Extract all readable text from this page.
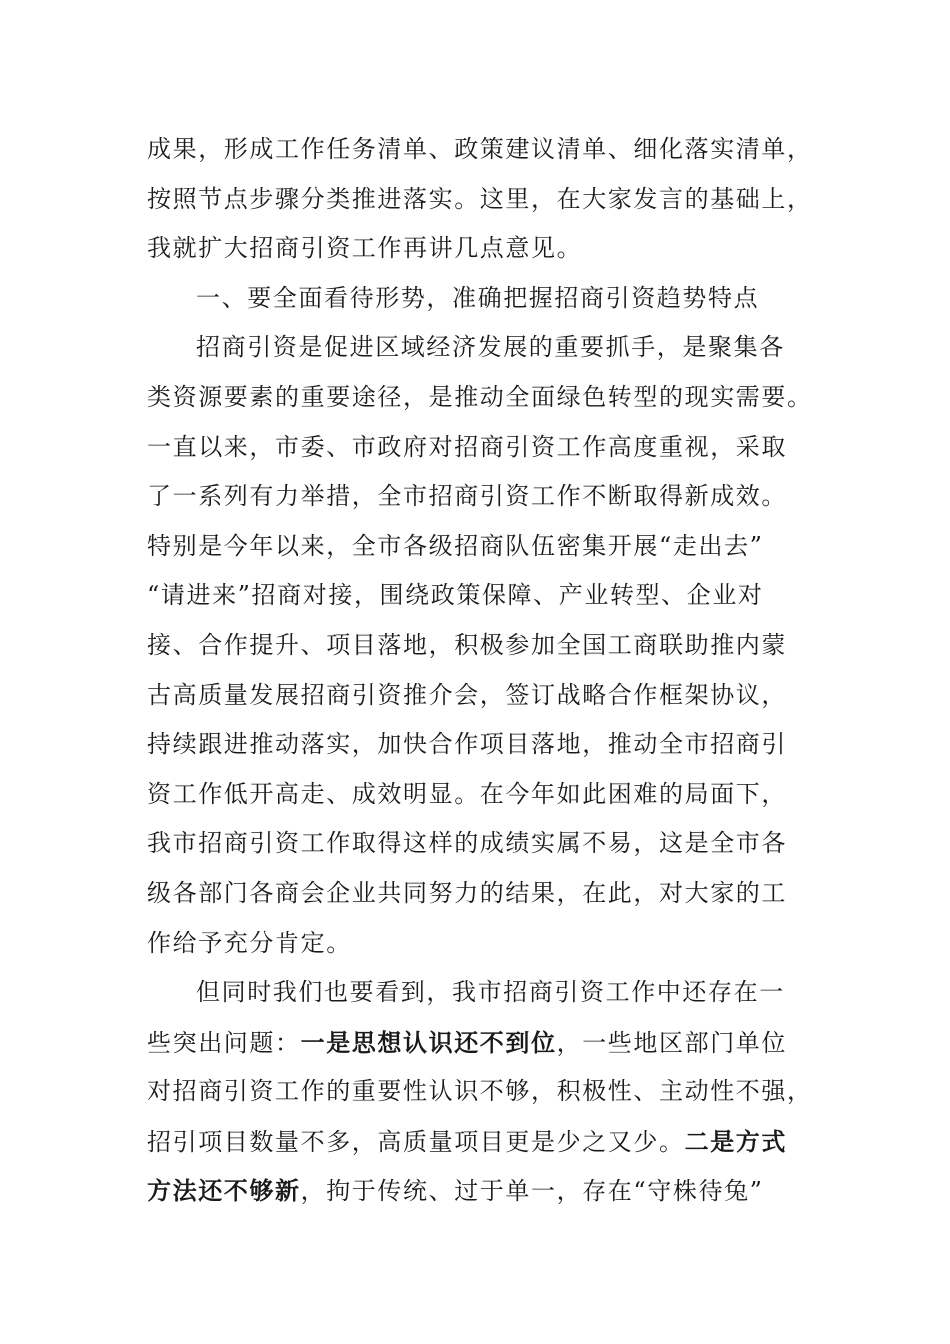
成果，形成工作任务清单、政策建议清单、细化落实清单，
按照节点步骤分类推进落实。这里，在大家发言的基础上，
我就扩大招商引资工作再讲几点意见。
一、要全面看待形势，准确把握招商引资趋势特点
招商引资是促进区域经济发展的重要抓手，是聚集各
类资源要素的重要途径，是推动全面绿色转型的现实需要。
一直以来，市委、市政府对招商引资工作高度重视，采取
了一系列有力举措，全市招商引资工作不断取得新成效。
特别是今年以来，全市各级招商队伍密集开展“走出去”
“请进来”招商对接，围绕政策保障、产业转型、企业对
接、合作提升、项目落地，积极参加全国工商联助推内蒙
古高质量发展招商引资推介会，签订战略合作框架协议，
持续跟进推动落实，加快合作项目落地，推动全市招商引
资工作低开高走、成效明显。在今年如此困难的局面下，
我市招商引资工作取得这样的成绩实属不易，这是全市各
级各部门各商会企业共同努力的结果，在此，对大家的工
作给予充分肯定。
但同时我们也要看到，我市招商引资工作中还存在一
些突出问题：一是思想认识还不到位，一些地区部门单位
对招商引资工作的重要性认识不够，积极性、主动性不强，
招引项目数量不多，高质量项目更是少之又少。二是方式
方法还不够新，拘于传统、过于单一，存在“守株待兔”
